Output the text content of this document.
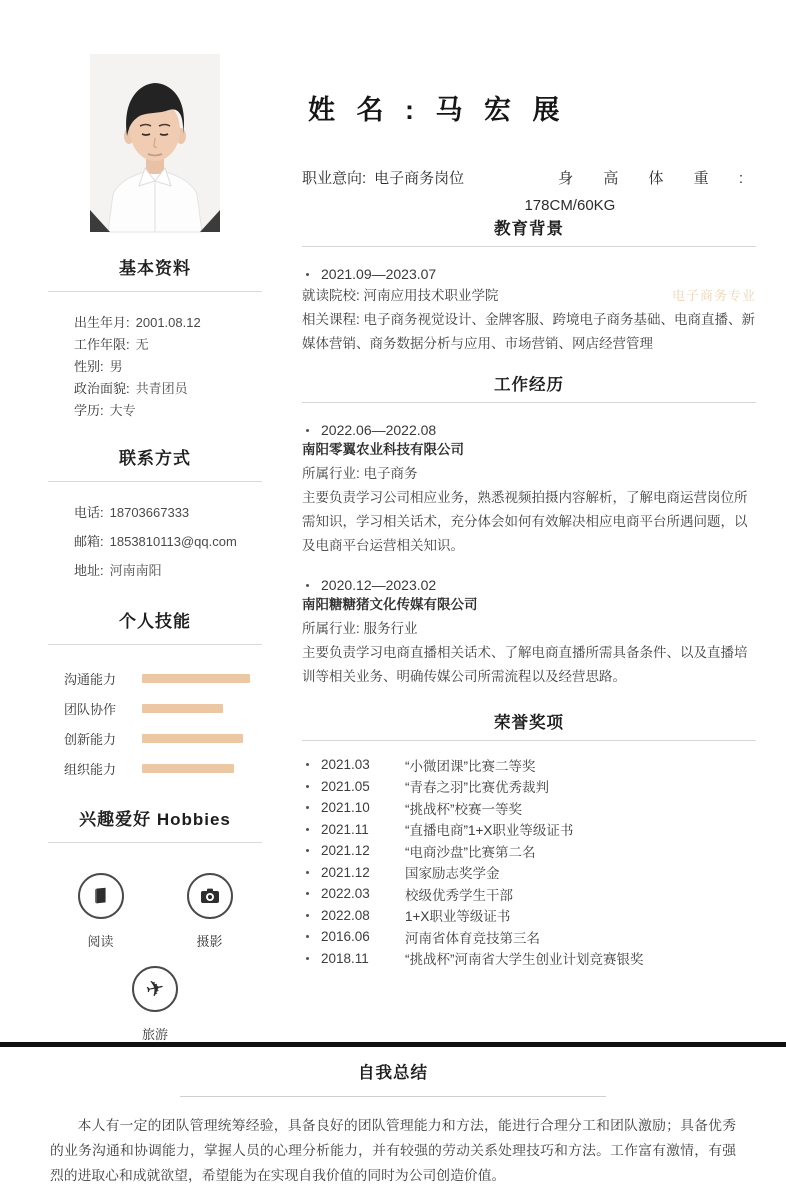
基本资料
出生年月: 2001.08.12
工作年限: 无
性别: 男
政治面貌: 共青团员
学历: 大专
联系方式
电话: 18703667333
邮箱: 1853810113@qq.com
地址: 河南南阳
个人技能
沟通能力
团队协作
创新能力
组织能力
兴趣爱好 Hobbies
阅读	摄影
✈
旅游
姓 名 : 马 宏 展
职业意向: 电子商务岗位	身 高 体 重 :
178CM/60KG
教育背景
2021.09—2023.07
就读院校: 河南应用技术职业学院	电子商务专业
相关课程: 电子商务视觉设计、金牌客服、跨境电子商务基础、电商直播、新媒体营销、商务数据分析与应用、市场营销、网店经营管理
工作经历
2022.06—2022.08
南阳零翼农业科技有限公司
所属行业: 电子商务
主要负责学习公司相应业务，熟悉视频拍摄内容解析，了解电商运营岗位所需知识，学习相关话术，充分体会如何有效解决相应电商平台所遇问题，以及电商平台运营相关知识。
2020.12—2023.02
南阳糖糖猪文化传媒有限公司
所属行业: 服务行业
主要负责学习电商直播相关话术、了解电商直播所需具备条件、以及直播培训等相关业务、明确传媒公司所需流程以及经营思路。
荣誉奖项
2021.03	“小微团课”比赛二等奖
2021.05	“青春之羽”比赛优秀裁判
2021.10	“挑战杯”校赛一等奖
2021.11	“直播电商”1+X职业等级证书
2021.12	“电商沙盘”比赛第二名
2021.12	国家励志奖学金
2022.03	校级优秀学生干部
2022.08	1+X职业等级证书
2016.06	河南省体育竞技第三名
2018.11	“挑战杯”河南省大学生创业计划竞赛银奖
自我总结
本人有一定的团队管理统筹经验，具备良好的团队管理能力和方法，能进行合理分工和团队激励；具备优秀的业务沟通和协调能力，掌握人员的心理分析能力，并有较强的劳动关系处理技巧和方法。工作富有激情，有强烈的进取心和成就欲望，希望能为在实现自我价值的同时为公司创造价值。
